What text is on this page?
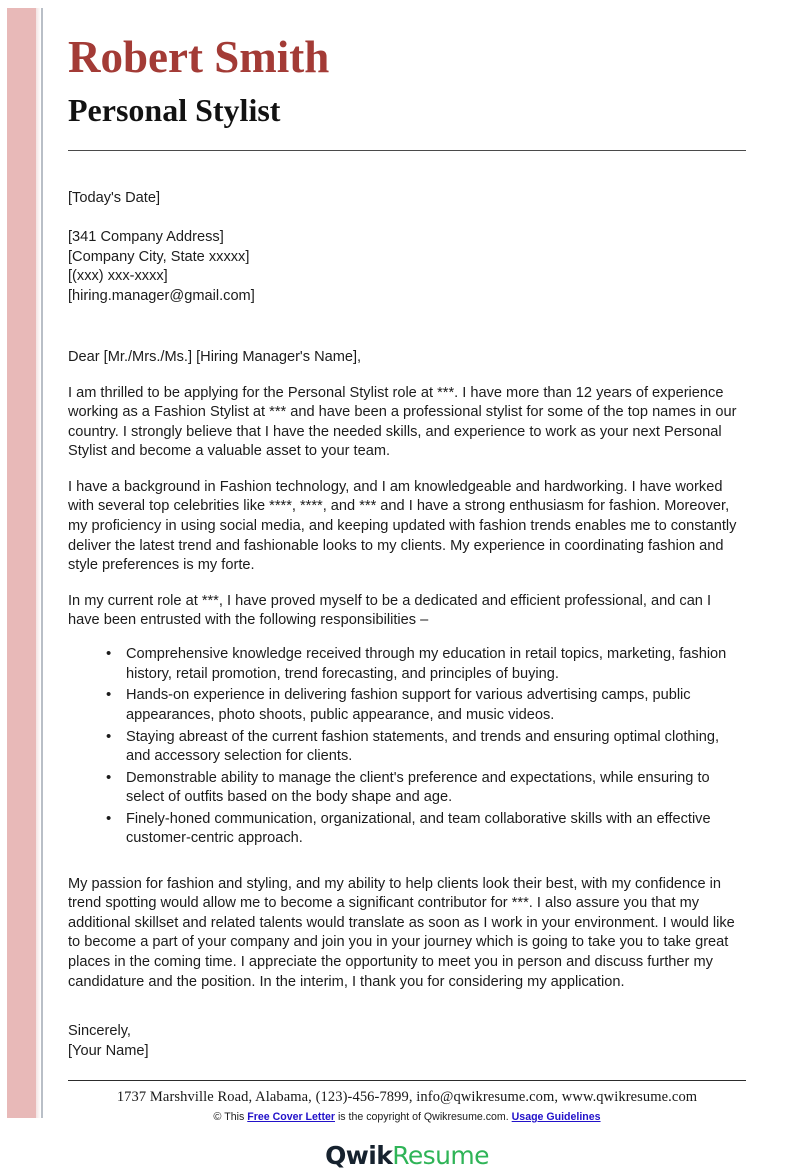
Robert Smith
Personal Stylist
[Today's Date]
[341 Company Address]
[Company City, State xxxxx]
[(xxx) xxx-xxxx]
[hiring.manager@gmail.com]
Dear [Mr./Mrs./Ms.] [Hiring Manager's Name],

I am thrilled to be applying for the Personal Stylist role at ***. I have more than 12 years of experience working as a Fashion Stylist at *** and have been a professional stylist for some of the top names in our country. I strongly believe that I have the needed skills, and experience to work as your next Personal Stylist and become a valuable asset to your team.

I have a background in Fashion technology, and I am knowledgeable and hardworking. I have worked with several top celebrities like ****, ****, and *** and I have a strong enthusiasm for fashion. Moreover, my proficiency in using social media, and keeping updated with fashion trends enables me to constantly deliver the latest trend and fashionable looks to my clients. My experience in coordinating fashion and style preferences is my forte.

In my current role at ***, I have proved myself to be a dedicated and efficient professional, and can I have been entrusted with the following responsibilities –

• Comprehensive knowledge received through my education in retail topics, marketing, fashion history, retail promotion, trend forecasting, and principles of buying.
• Hands-on experience in delivering fashion support for various advertising camps, public appearances, photo shoots, public appearance, and music videos.
• Staying abreast of the current fashion statements, and trends and ensuring optimal clothing, and accessory selection for clients.
• Demonstrable ability to manage the client's preference and expectations, while ensuring to select of outfits based on the body shape and age.
• Finely-honed communication, organizational, and team collaborative skills with an effective customer-centric approach.

My passion for fashion and styling, and my ability to help clients look their best, with my confidence in trend spotting would allow me to become a significant contributor for ***. I also assure you that my additional skillset and related talents would translate as soon as I work in your environment. I would like to become a part of your company and join you in your journey which is going to take you to take great places in the coming time. I appreciate the opportunity to meet you in person and discuss further my candidature and the position. In the interim, I thank you for considering my application.

Sincerely,
[Your Name]
1737 Marshville Road, Alabama, (123)-456-7899, info@qwikresume.com, www.qwikresume.com
© This Free Cover Letter is the copyright of Qwikresume.com. Usage Guidelines
QwikResume
